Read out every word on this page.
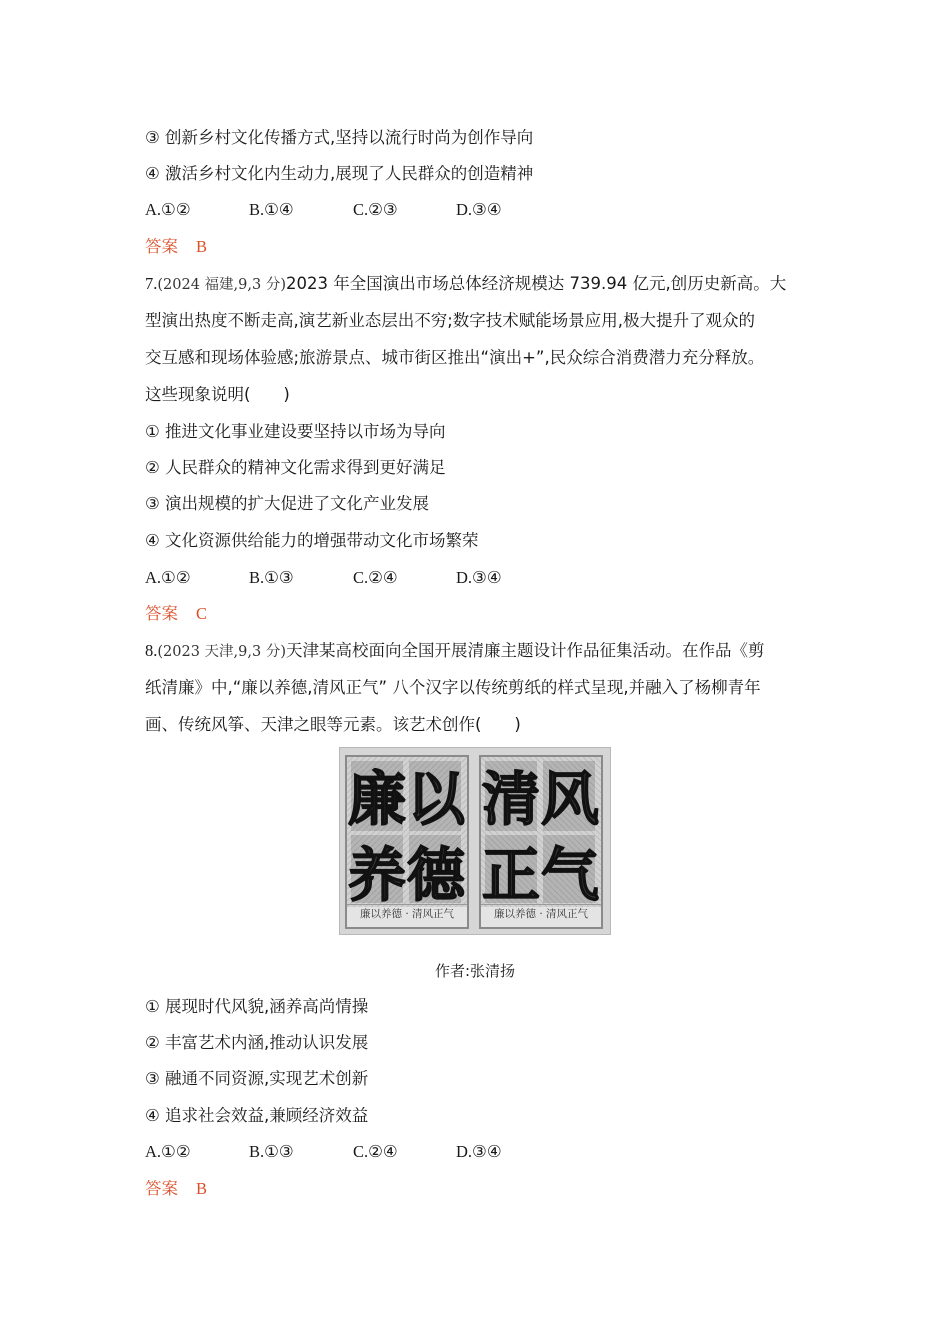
③ 创新乡村文化传播方式,坚持以流行时尚为创作导向
④ 激活乡村文化内生动力,展现了人民群众的创造精神
A.①②	B.①④	C.②③	D.③④
答案 B
7.(2024 福建,9,3 分)2023 年全国演出市场总体经济规模达 739.94 亿元,创历史新高。大
型演出热度不断走高,演艺新业态层出不穷;数字技术赋能场景应用,极大提升了观众的
交互感和现场体验感;旅游景点、城市街区推出“演出+”,民众综合消费潜力充分释放。
这些现象说明(　　)
① 推进文化事业建设要坚持以市场为导向
② 人民群众的精神文化需求得到更好满足
③ 演出规模的扩大促进了文化产业发展
④ 文化资源供给能力的增强带动文化市场繁荣
A.①②	B.①③	C.②④	D.③④
答案 C
8.(2023 天津,9,3 分)天津某高校面向全国开展清廉主题设计作品征集活动。在作品《剪
纸清廉》中,“廉以养德,清风正气” 八个汉字以传统剪纸的样式呈现,并融入了杨柳青年
画、传统风筝、天津之眼等元素。该艺术创作(　　)
廉 以
养 德
廉以养德 · 清风正气
清 风
正 气
廉以养德 · 清风正气
作者:张清扬
① 展现时代风貌,涵养高尚情操
② 丰富艺术内涵,推动认识发展
③ 融通不同资源,实现艺术创新
④ 追求社会效益,兼顾经济效益
A.①②	B.①③	C.②④	D.③④
答案 B
